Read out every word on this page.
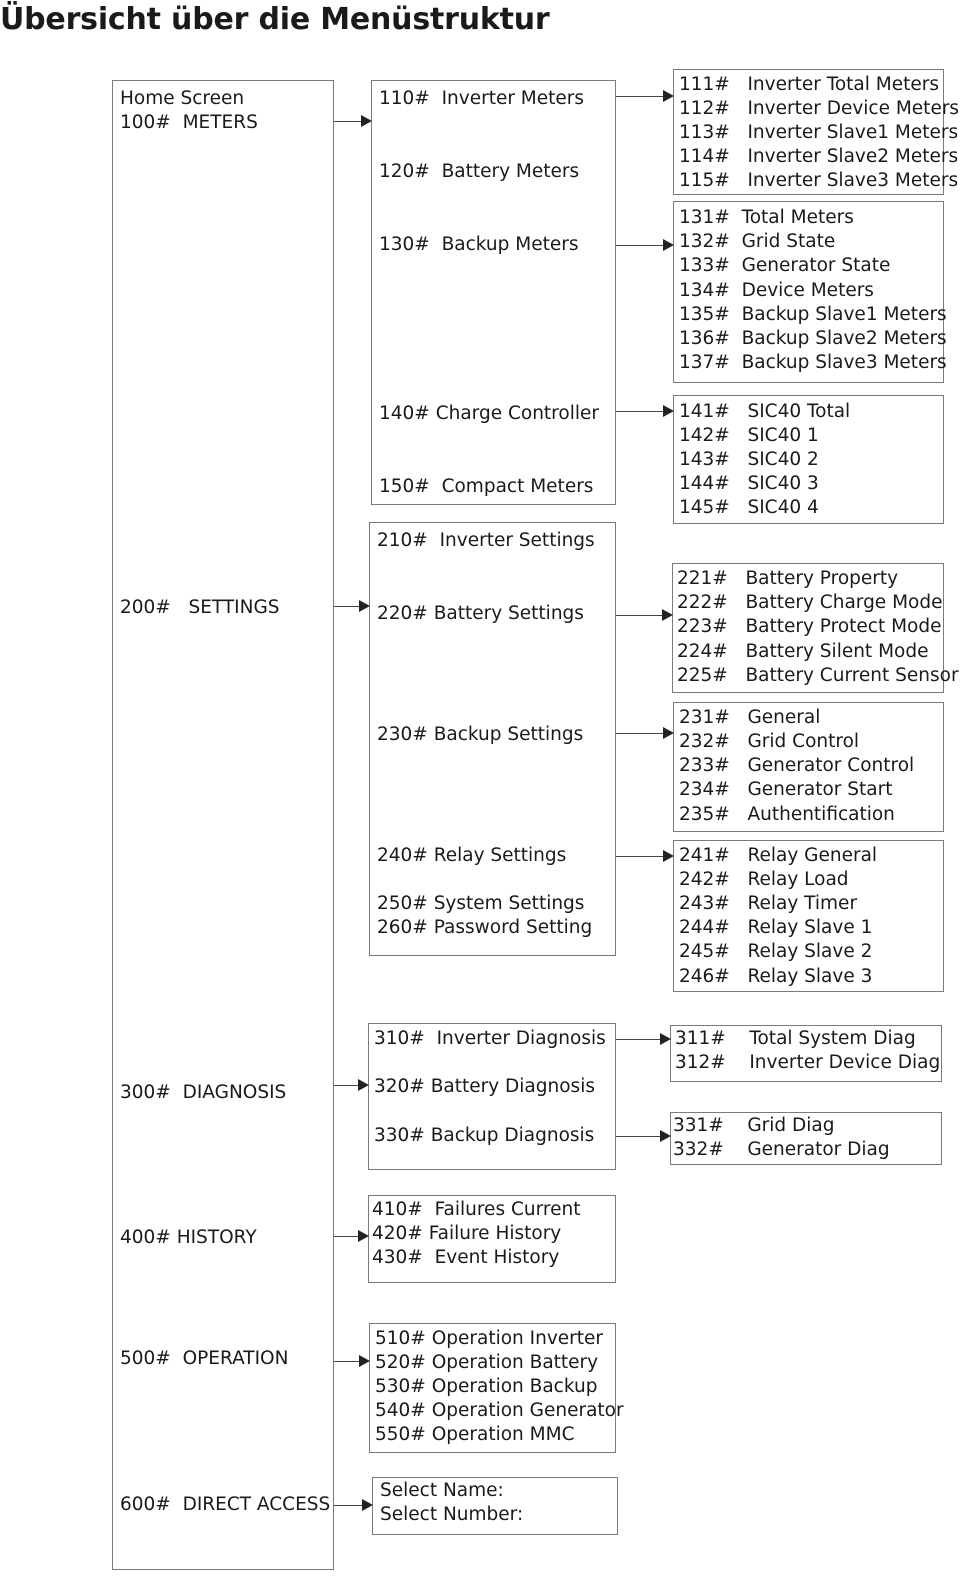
Übersicht über die Menüstruktur
Home Screen
100#  METERS
200#   SETTINGS
300#  DIAGNOSIS
400# HISTORY
500#  OPERATION
600#  DIRECT ACCESS
110#  Inverter Meters
120#  Battery Meters
130#  Backup Meters
140# Charge Controller
150#  Compact Meters
210#  Inverter Settings
220# Battery Settings
230# Backup Settings
240# Relay Settings
250# System Settings
260# Password Setting
310#  Inverter Diagnosis
320# Battery Diagnosis
330# Backup Diagnosis
410#  Failures Current
420# Failure History
430#  Event History
510# Operation Inverter
520# Operation Battery
530# Operation Backup
540# Operation Generator
550# Operation MMC
Select Name:
Select Number:
111#   Inverter Total Meters
112#   Inverter Device Meters
113#   Inverter Slave1 Meters
114#   Inverter Slave2 Meters
115#   Inverter Slave3 Meters
131#  Total Meters
132#  Grid State
133#  Generator State
134#  Device Meters
135#  Backup Slave1 Meters
136#  Backup Slave2 Meters
137#  Backup Slave3 Meters
141#   SIC40 Total
142#   SIC40 1
143#   SIC40 2
144#   SIC40 3
145#   SIC40 4
221#   Battery Property
222#   Battery Charge Mode
223#   Battery Protect Mode
224#   Battery Silent Mode
225#   Battery Current Sensor
231#   General
232#   Grid Control
233#   Generator Control
234#   Generator Start
235#   Authentification
241#   Relay General
242#   Relay Load
243#   Relay Timer
244#   Relay Slave 1
245#   Relay Slave 2
246#   Relay Slave 3
311#    Total System Diag
312#    Inverter Device Diag
331#    Grid Diag
332#    Generator Diag
